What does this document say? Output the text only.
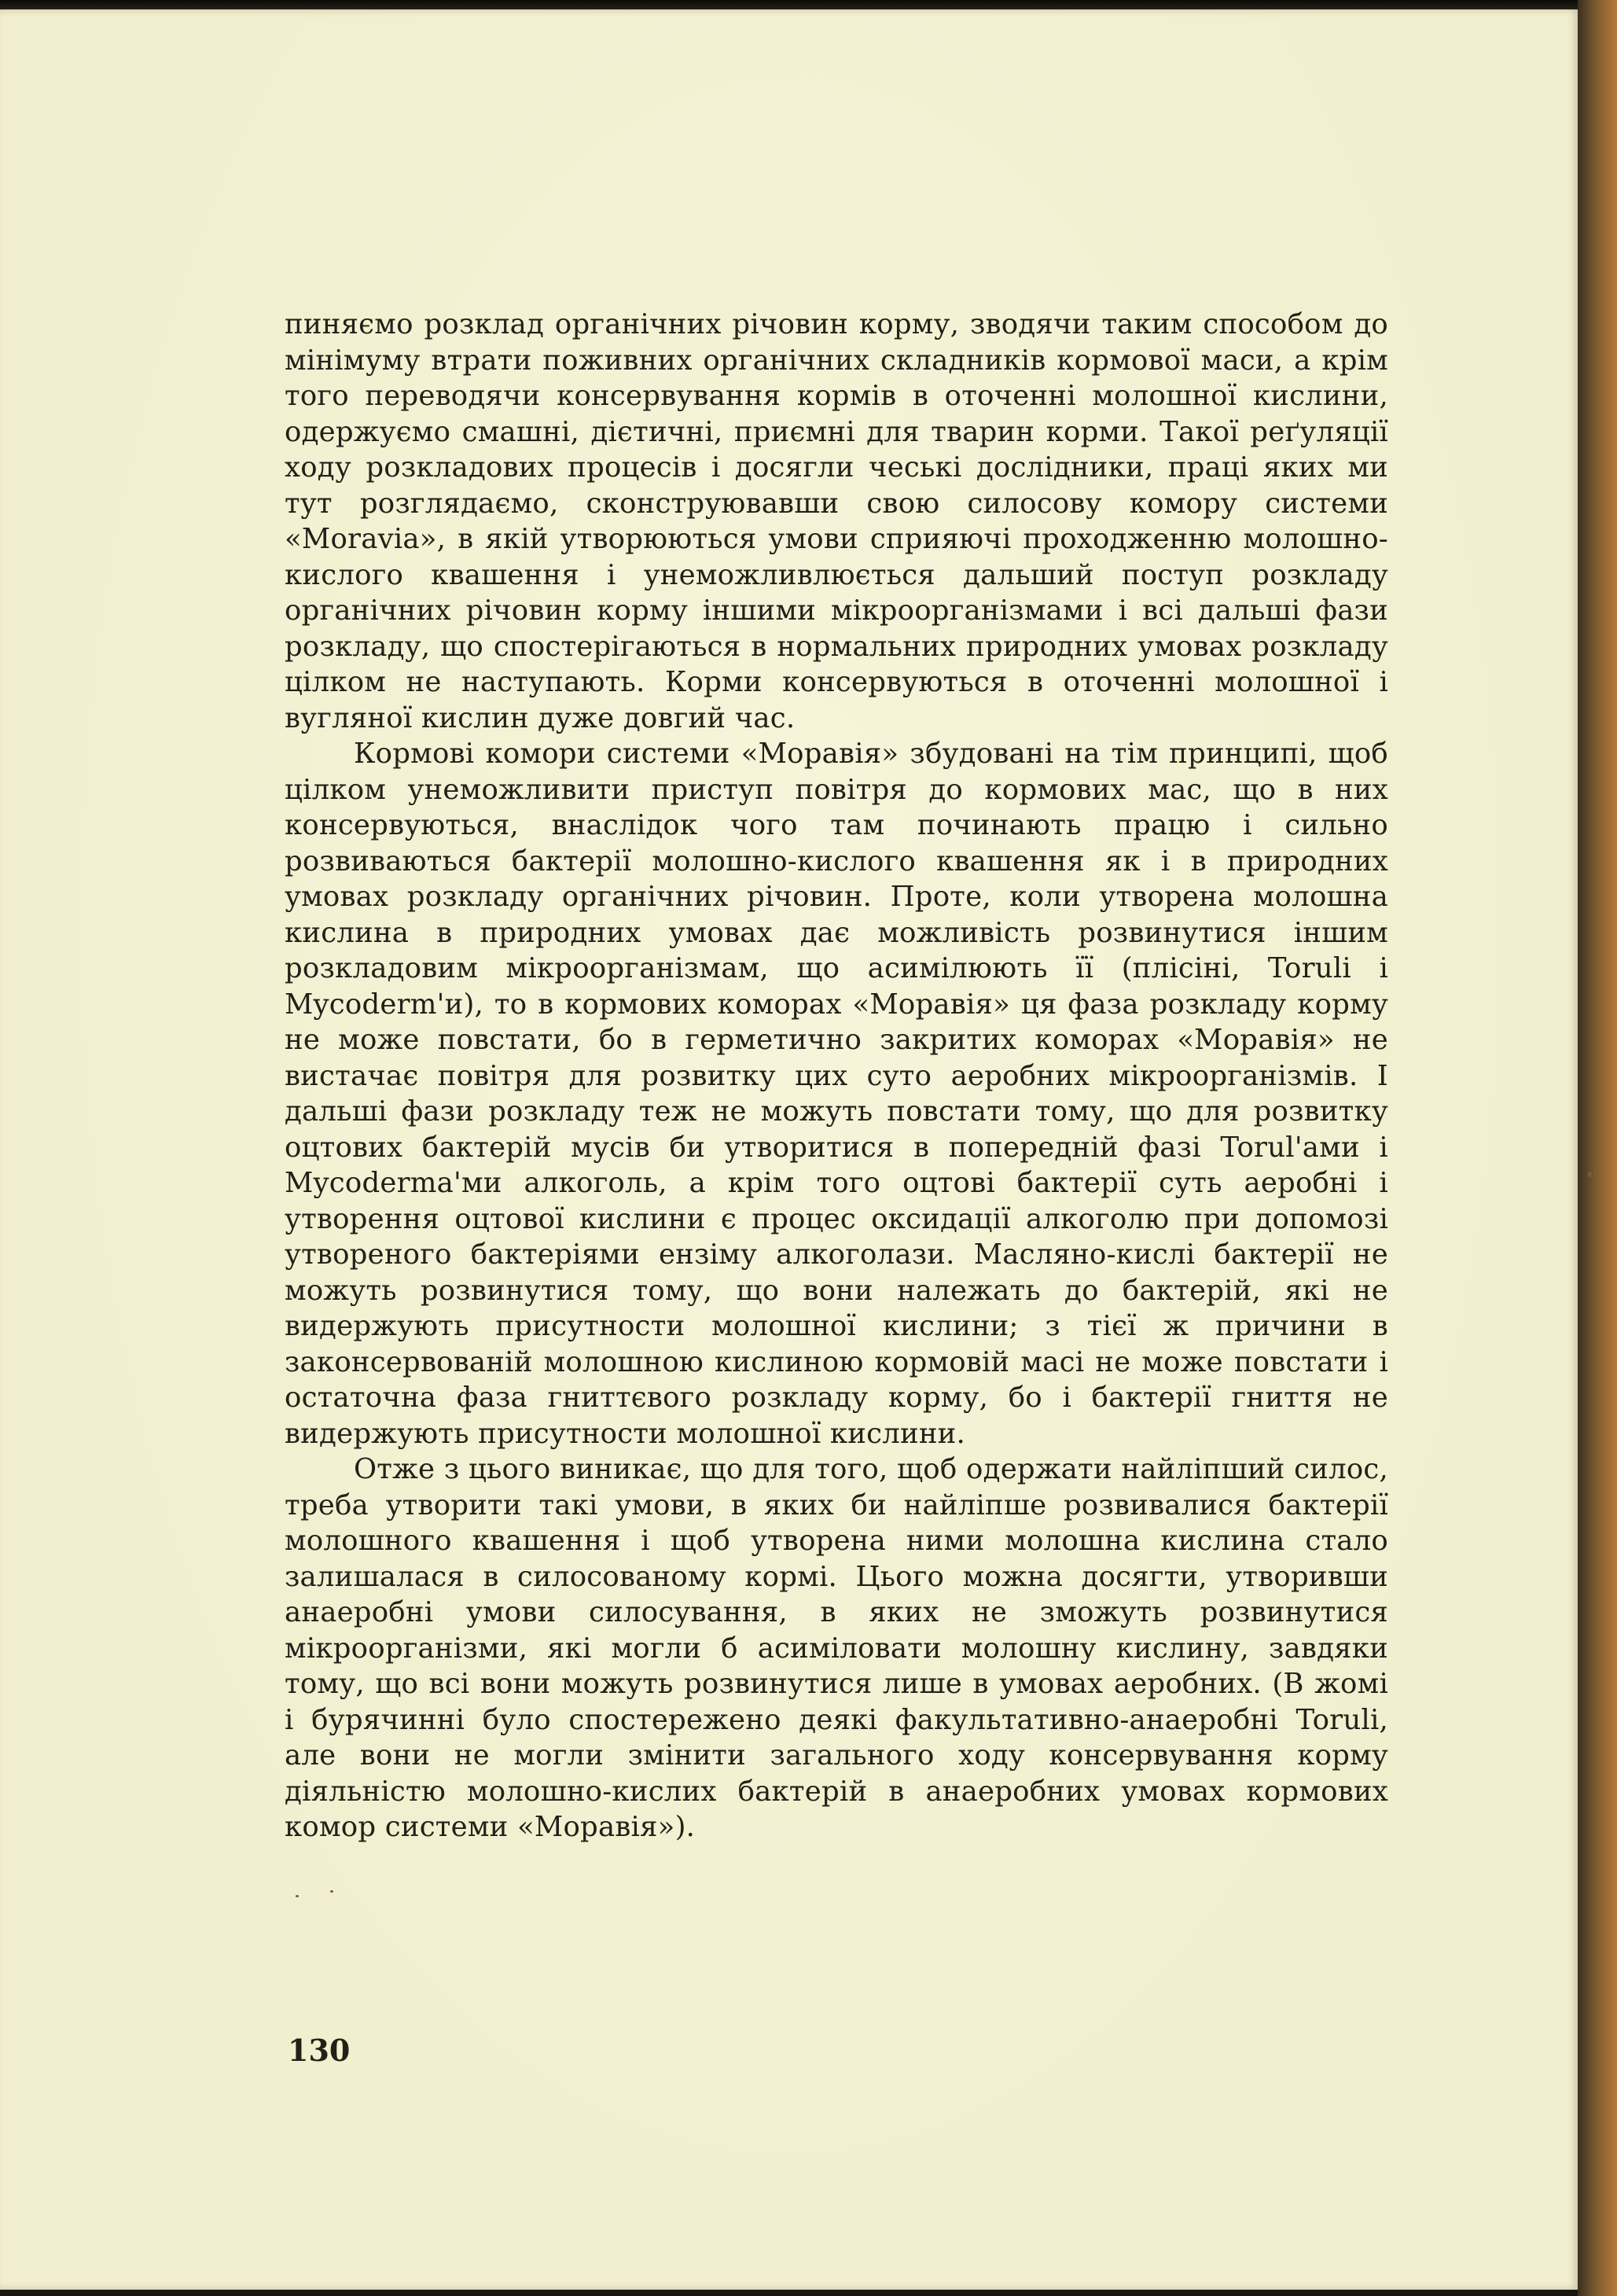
пиняємо розклад органічних річовин корму, зводячи таким способом до мінімуму втрати поживних органічних складників кормової маси, а крім того переводячи консервування кормів в оточенні молошної кислини, одержуємо смашні, дієтичні, приємні для тварин корми. Такої реґуляції ходу розкладових процесів і досягли чеські дослідники, праці яких ми тут розглядаємо, сконструювавши свою силосову комору системи «Moravia», в якій утворюються умови сприяючі проходженню молошно-кислого квашення і унеможливлюється дальший поступ розкладу органічних річовин корму іншими мікроорганізмами і всі дальші фази розкладу, що спостерігаються в нормальних природних умовах розкладу цілком не наступають. Корми консервуються в оточенні молошної і вугляної кислин дуже довгий час.

Кормові комори системи «Моравія» збудовані на тім принципі, щоб цілком унеможливити приступ повітря до кормових мас, що в них консервуються, внаслідок чого там починають працю і сильно розвиваються бактерії молошно-кислого квашення як і в природних умовах розкладу органічних річовин. Проте, коли утворена молошна кислина в природних умовах дає можливість розвинутися іншим розкладовим мікроорганізмам, що асимілюють її (плісіні, Toruli і Mycoderm'и), то в кормових коморах «Моравія» ця фаза розкладу корму не може повстати, бо в герметично закритих коморах «Моравія» не вистачає повітря для розвитку цих суто аеробних мікроорганізмів. І дальші фази розкладу теж не можуть повстати тому, що для розвитку оцтових бактерій мусів би утворитися в попередній фазі Torul'ами і Mycoderma'ми алкоголь, а крім того оцтові бактерії суть аеробні і утворення оцтової кислини є процес оксидації алкоголю при допомозі утвореного бактеріями ензіму алкоголази. Масляно-кислі бактерії не можуть розвинутися тому, що вони належать до бактерій, які не видержують присутности молошної кислини; з тієї ж причини в законсервованій молошною кислиною кормовій масі не може повстати і остаточна фаза гниттєвого розкладу корму, бо і бактерії гниття не видержують присутности молошної кислини.

Отже з цього виникає, що для того, щоб одержати найліпший силос, треба утворити такі умови, в яких би найліпше розвивалися бактерії молошного квашення і щоб утворена ними молошна кислина стало залишалася в силосованому кормі. Цього можна досягти, утворивши анаеробні умови силосування, в яких не зможуть розвинутися мікроорганізми, які могли б асиміловати молошну кислину, завдяки тому, що всі вони можуть розвинутися лише в умовах аеробних. (В жомі і бурячинні було спостережено деякі факультативно-анаеробні Toruli, але вони не могли змінити загального ходу консервування корму діяльністю молошно-кислих бактерій в анаеробних умовах кормових комор системи «Моравія»).

130
